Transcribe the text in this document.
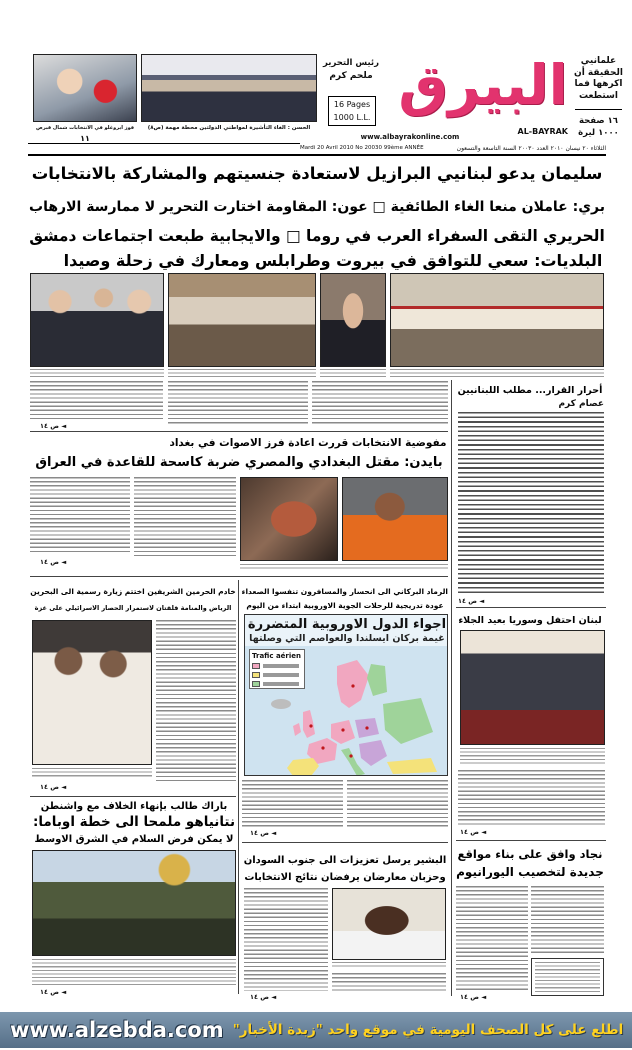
علمانيي الحقيقة أن اكرهها فما استطعت
١٦ صفحة
١٠٠٠ ليرة
البيرق
AL-BAYRAK
رئيس التحرير
ملحم كرم
16 Pages
1000 L.L.
www.albayrakonline.com
الثلاثاء ٢٠ نيسان ٢٠١٠ العدد ٢٠٠٣٠ السنة التاسعة والتسعون
Mardi 20 Avril 2010 No 20030 99ème ANNÉE
فوز ايروغلو في الانتخابات شمال قبرص
١١
الحسن : الغاء التأشيرة لمواطني الدولتين محطة مهمة (ص٨)
سليمان يدعو لبنانيي البرازيل لاستعادة جنسيتهم والمشاركة بالانتخابات
بري: عاملان منعا الغاء الطائفية □ عون: المقاومة اختارت التحرير لا ممارسة الارهاب
الحريري التقى السفراء العرب في روما □ والايجابية طبعت اجتماعات دمشق
البلديات: سعي للتوافق في بيروت وطرابلس ومعارك في زحلة وصيدا
◄ ص ١٤
أحرار القرار... مطلب اللبنانيين
عصام كرم
◄ ص ١٤
مفوضية الانتخابات قررت اعادة فرز الاصوات في بغداد
بايدن: مقتل البغدادي والمصري ضربة كاسحة للقاعدة في العراق
◄ ص ١٤
خادم الحرمين الشريفين اختتم زيارة رسمية الى البحرين
الرياض والمنامة قلقتان لاستمرار الحصار الاسرائيلي على غزة
◄ ص ١٤
الرماد البركاني الى انحسار والمسافرون تنفسوا الصعداء
عودة تدريجية للرحلات الجوية الاوروبية ابتداء من اليوم
اجواء الدول الاوروبية المتضررة
غيمة بركان ايسلندا والعواصم التي وصلتها
Trafic aérien
◄ ص ١٤
لبنان احتفل وسوريا بعيد الجلاء
◄ ص ١٤
نجاد وافق على بناء مواقع
جديدة لتخصيب اليورانيوم
◄ ص ١٤
باراك طالب بإنهاء الخلاف مع واشنطن
نتانياهو ملمحا الى خطة اوباما:
لا يمكن فرض السلام في الشرق الاوسط
◄ ص ١٤
البشير يرسل تعزيزات الى جنوب السودان
وحزبان معارضان يرفضان نتائج الانتخابات
◄ ص ١٤
www.alzebda.com اطلع على كل الصحف اليومية في موقع واحد "زبدة الأخبار"
